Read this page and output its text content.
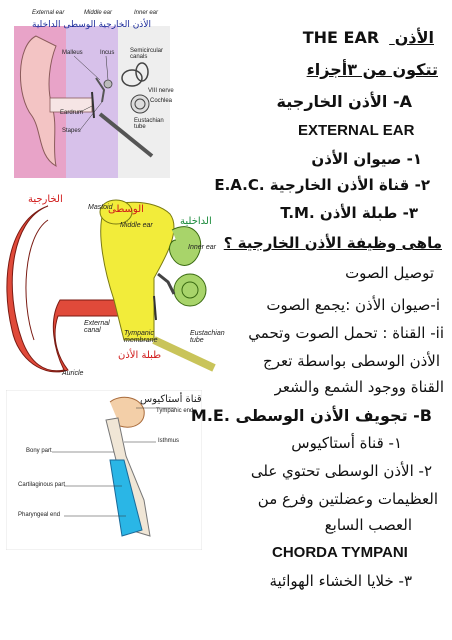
External ear	Middle ear	Inner ear
الأذن الخارجية الوسطى الداخلية
Malleus	Incus	Semicircular canals
VIII nerve
Cochlea
Eardrum
Eustachian tube
Stapes
الخارجية
الوسطى
الداخلية
Mastoid
Middle ear
Inner ear
External canal	Tympanic membrane
طبلة الأذن
Eustachian tube
Auricle
قناة أستاكيوس
Tympanic end
Isthmus
Bony part
Cartilaginous part
Pharyngeal end
الأذن THE EAR
تتكون من ٣أجزاء
A- الأذن الخارجية
EXTERNAL EAR
١- صيوان الأذن
٢- قناة الأذن الخارجية .E.A.C
٣- طبلة الأذن .T.M
ماهى وظيفة الأذن الخارجية ؟
توصيل الصوت
i-صيوان الأذن :يجمع الصوت
ii- القناة : تحمل الصوت وتحمي
الأذن الوسطى بواسطة تعرج
القناة ووجود الشمع والشعر
B- تجويف الأذن الوسطى .M.E
١- قناة أستاكيوس
٢- الأذن الوسطى تحتوي على
العظيمات وعضلتين وفرع من
العصب السابع
CHORDA TYMPANI
٣- خلايا الخشاء الهوائية
